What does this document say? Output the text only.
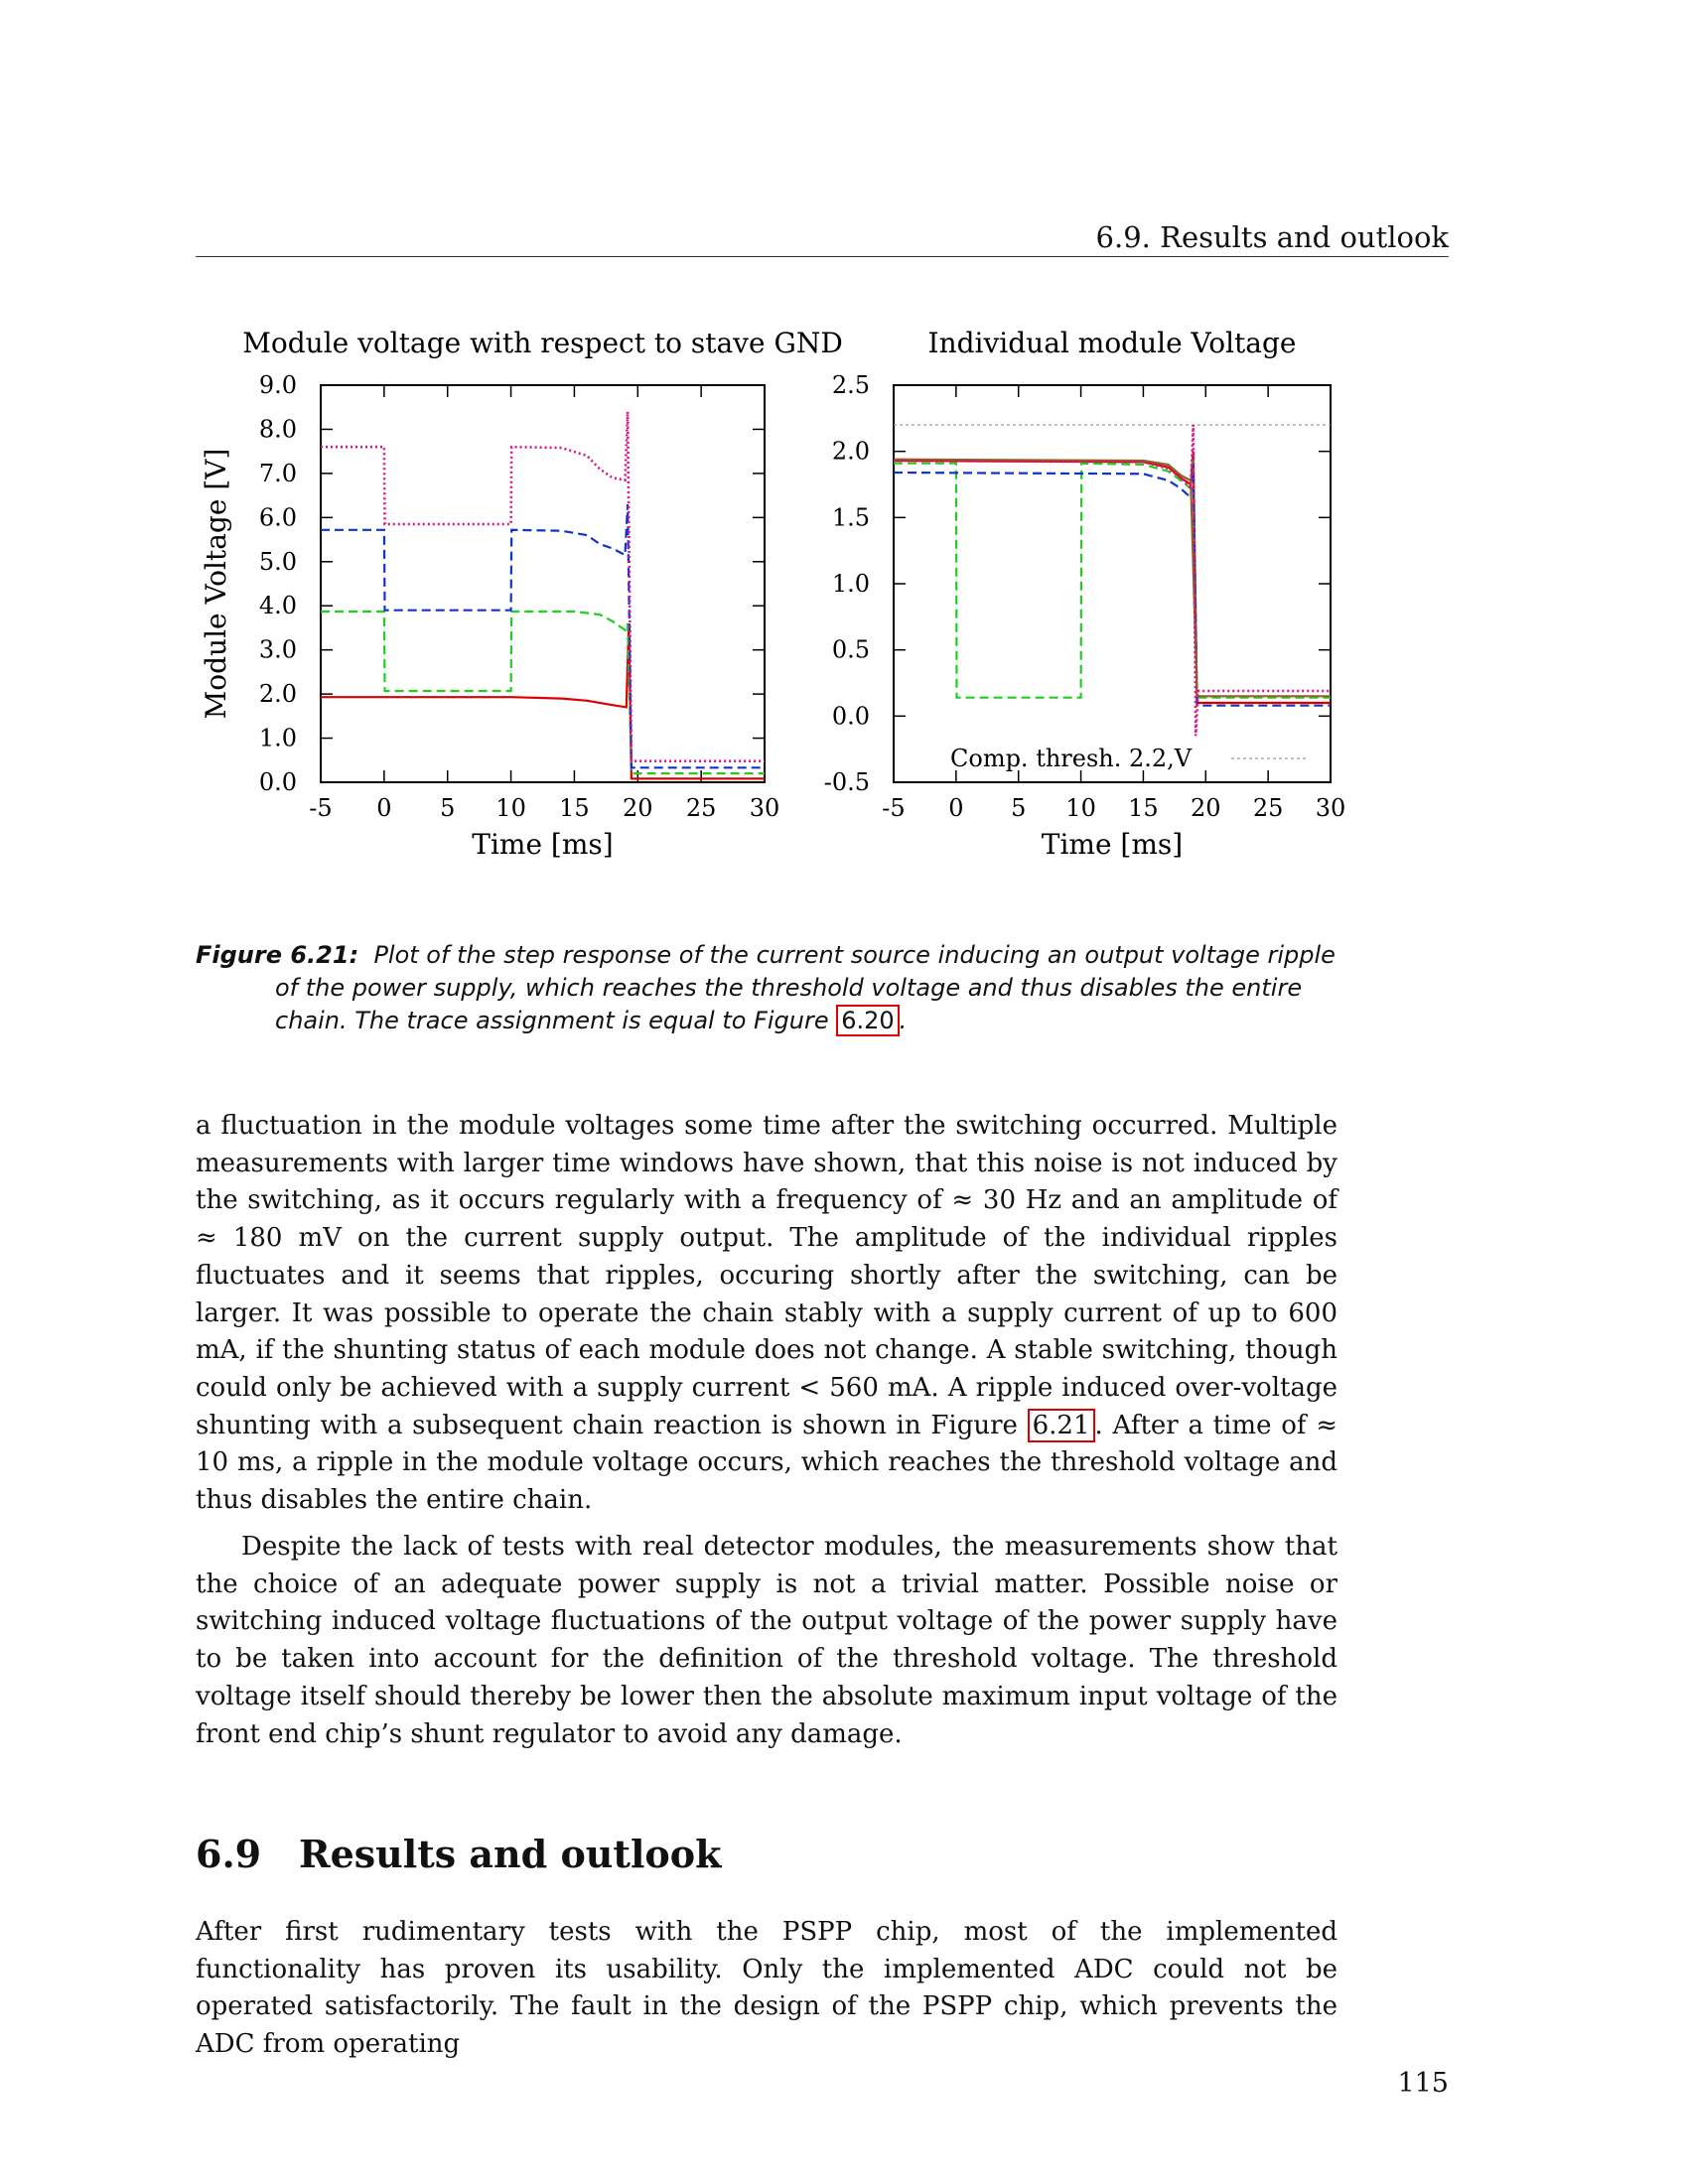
6.9. Results and outlook
Module voltage with respect to stave GND
-5 0 5 10 15 20 25 30
0.0
1.0
2.0
3.0
4.0
5.0
6.0
7.0
8.0
9.0
Time [ms]
Module Voltage [V]
Individual module Voltage
-5 0 5 10 15 20 25 30
-0.5
0.0
0.5
1.0
1.5
2.0
2.5
Time [ms]
Comp. thresh. 2.2,V
Figure 6.21: Plot of the step response of the current source inducing an output voltage ripple of the power supply, which reaches the threshold voltage and thus disables the entire chain. The trace assignment is equal to Figure 6.20 .
a fluctuation in the module voltages some time after the switching occurred. Multiple measurements with larger time windows have shown, that this noise is not induced by the switching, as it occurs regularly with a frequency of ≈ 30 Hz and an amplitude of ≈ 180 mV on the current supply output. The amplitude of the individual ripples fluctuates and it seems that ripples, occuring shortly after the switching, can be larger. It was possible to operate the chain stably with a supply current of up to 600 mA, if the shunting status of each module does not change. A stable switching, though could only be achieved with a supply current < 560 mA. A ripple induced over-voltage shunting with a subsequent chain reaction is shown in Figure 6.21 . After a time of ≈ 10 ms, a ripple in the module voltage occurs, which reaches the threshold voltage and thus disables the entire chain.
Despite the lack of tests with real detector modules, the measurements show that the choice of an adequate power supply is not a trivial matter. Possible noise or switching induced voltage fluctuations of the output voltage of the power supply have to be taken into account for the definition of the threshold voltage. The threshold voltage itself should thereby be lower then the absolute maximum input voltage of the front end chip’s shunt regulator to avoid any damage.
6.9 Results and outlook
After first rudimentary tests with the PSPP chip, most of the implemented functionality has proven its usability. Only the implemented ADC could not be operated satisfactorily. The fault in the design of the PSPP chip, which prevents the ADC from operating
115
